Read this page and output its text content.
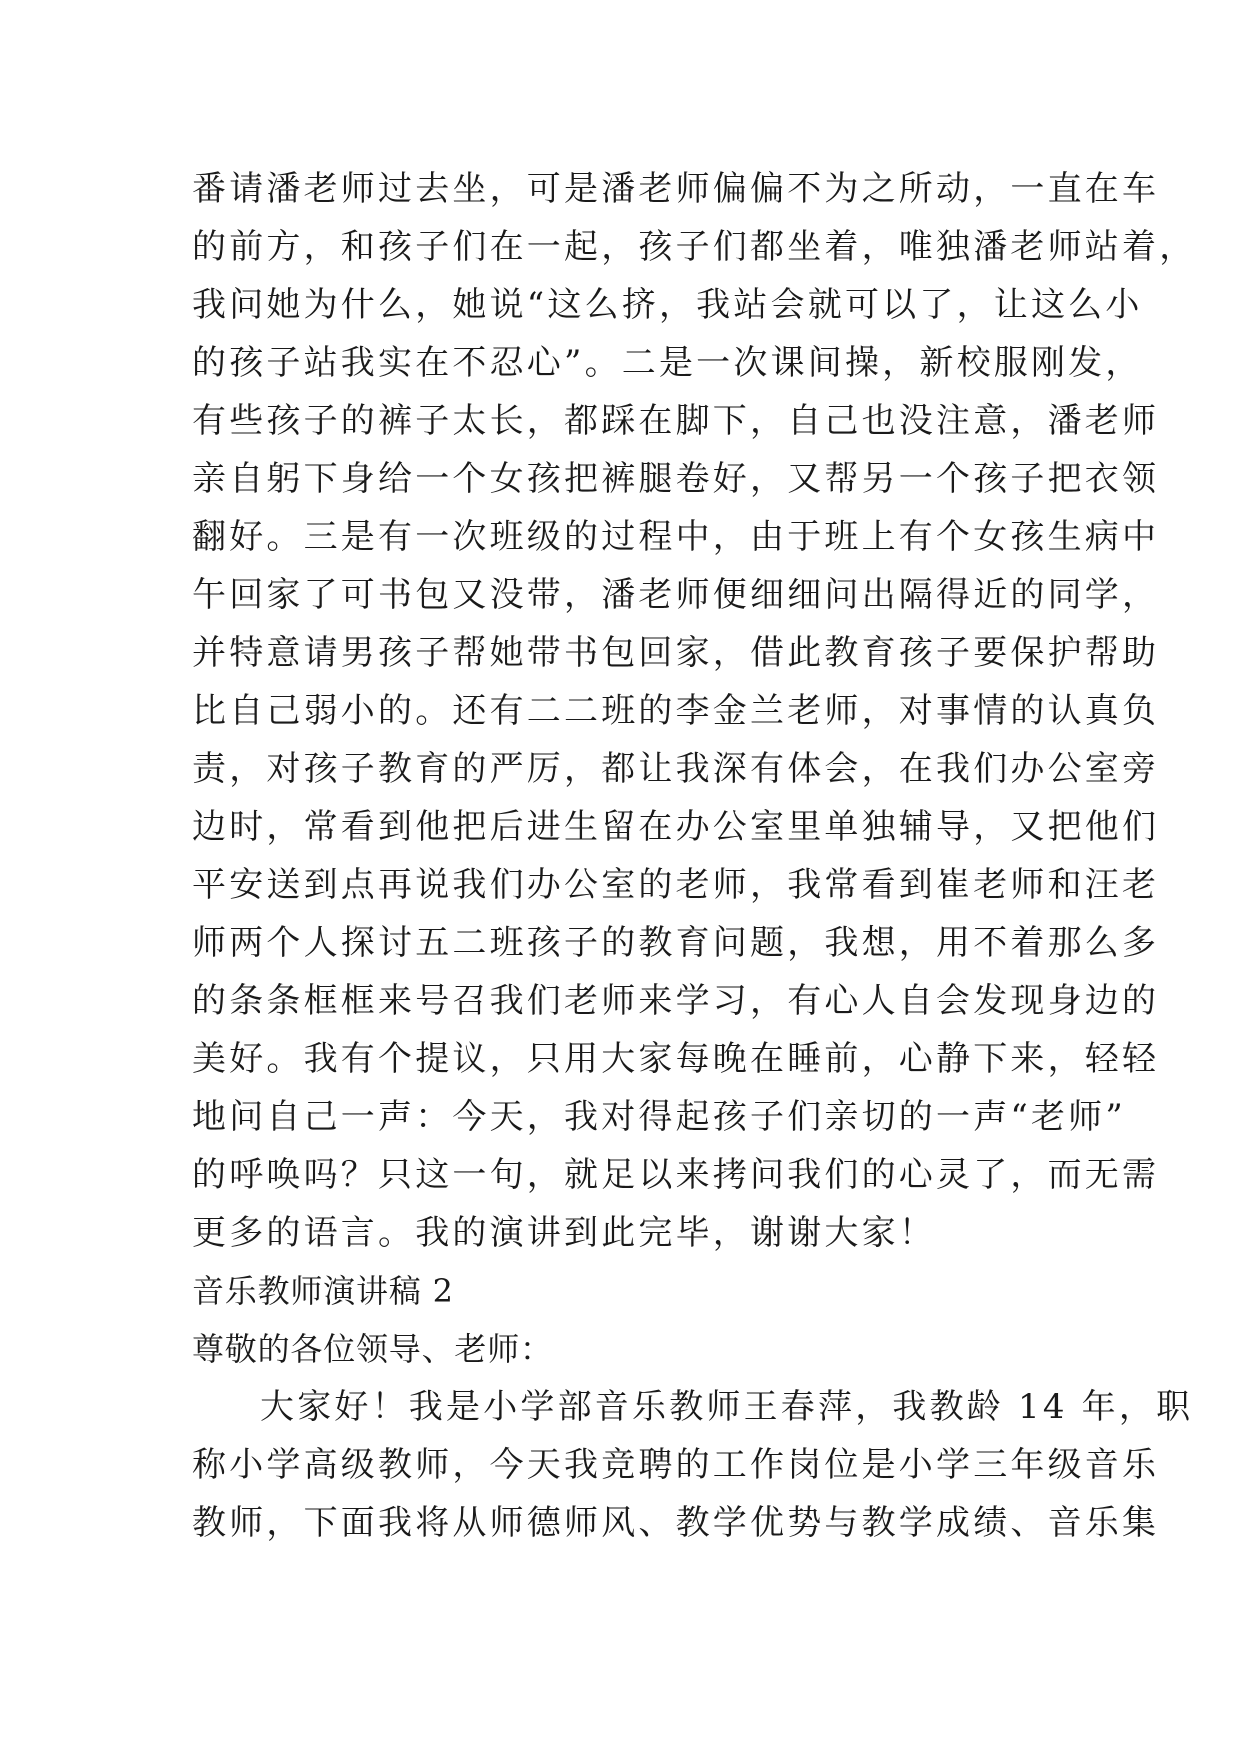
番请潘老师过去坐，可是潘老师偏偏不为之所动，一直在车
的前方，和孩子们在一起，孩子们都坐着，唯独潘老师站着，
我问她为什么，她说“这么挤，我站会就可以了，让这么小
的孩子站我实在不忍心”。二是一次课间操，新校服刚发，
有些孩子的裤子太长，都踩在脚下，自己也没注意，潘老师
亲自躬下身给一个女孩把裤腿卷好，又帮另一个孩子把衣领
翻好。三是有一次班级的过程中，由于班上有个女孩生病中
午回家了可书包又没带，潘老师便细细问出隔得近的同学，
并特意请男孩子帮她带书包回家，借此教育孩子要保护帮助
比自己弱小的。还有二二班的李金兰老师，对事情的认真负
责，对孩子教育的严厉，都让我深有体会，在我们办公室旁
边时，常看到他把后进生留在办公室里单独辅导，又把他们
平安送到点再说我们办公室的老师，我常看到崔老师和汪老
师两个人探讨五二班孩子的教育问题，我想，用不着那么多
的条条框框来号召我们老师来学习，有心人自会发现身边的
美好。我有个提议，只用大家每晚在睡前，心静下来，轻轻
地问自己一声：今天，我对得起孩子们亲切的一声“老师”
的呼唤吗？只这一句，就足以来拷问我们的心灵了，而无需
更多的语言。我的演讲到此完毕，谢谢大家！
音乐教师演讲稿 2
尊敬的各位领导、老师：
大家好！我是小学部音乐教师王春萍，我教龄 14 年，职
称小学高级教师，今天我竞聘的工作岗位是小学三年级音乐
教师，下面我将从师德师风、教学优势与教学成绩、音乐集
